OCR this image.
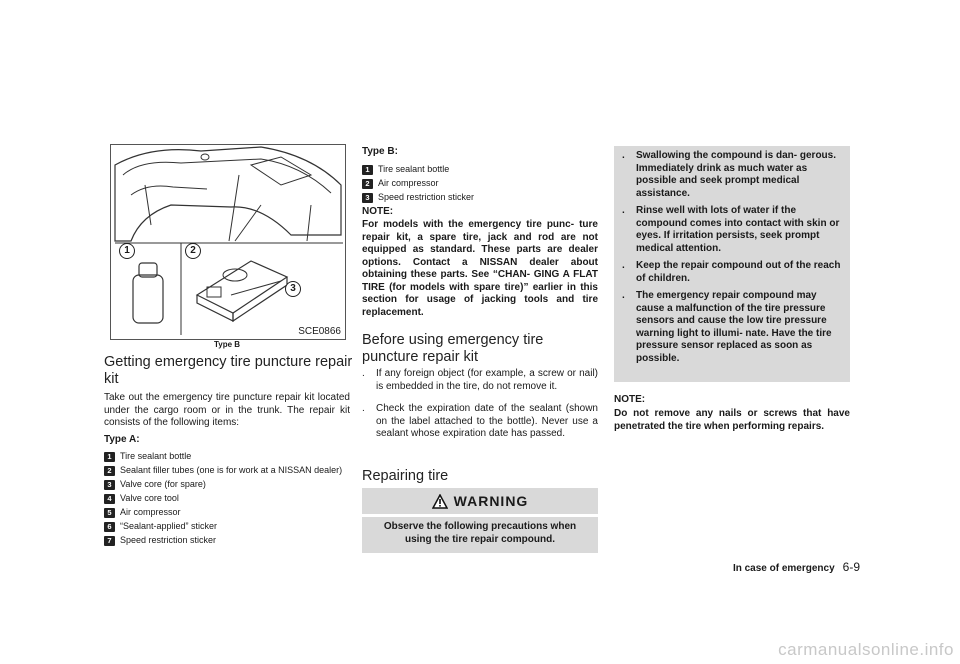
1	2
3
SCE0866
Type B
Getting emergency tire puncture repair kit
Take out the emergency tire puncture repair kit located under the cargo room or in the trunk. The repair kit consists of the following items:
Type A:
1 Tire sealant bottle
2 Sealant filler tubes (one is for work at a NISSAN dealer)
3 Valve core (for spare)
4 Valve core tool
5 Air compressor
6 “Sealant-applied” sticker
7 Speed restriction sticker
Type B:
1 Tire sealant bottle
2 Air compressor
3 Speed restriction sticker
NOTE:
For models with the emergency tire punc- ture repair kit, a spare tire, jack and rod are not equipped as standard. These parts are dealer options. Contact a NISSAN dealer about obtaining these parts. See “CHAN- GING A FLAT TIRE (for models with spare tire)” earlier in this section for usage of jacking tools and tire replacement.
Before using emergency tire puncture repair kit
.	If any foreign object (for example, a screw or nail) is embedded in the tire, do not remove it.
.	Check the expiration date of the sealant (shown on the label attached to the bottle). Never use a sealant whose expiration date has passed.
Repairing tire
WARNING
Observe the following precautions when using the tire repair compound.
.	Swallowing the compound is dan- gerous. Immediately drink as much water as possible and seek prompt medical assistance.
.	Rinse well with lots of water if the compound comes into contact with skin or eyes. If irritation persists, seek prompt medical attention.
.	Keep the repair compound out of the reach of children.
.	The emergency repair compound may cause a malfunction of the tire pressure sensors and cause the low tire pressure warning light to illumi- nate. Have the tire pressure sensor replaced as soon as possible.
NOTE:
Do not remove any nails or screws that have penetrated the tire when performing repairs.
In case of emergency 6-9
carmanualsonline.info
